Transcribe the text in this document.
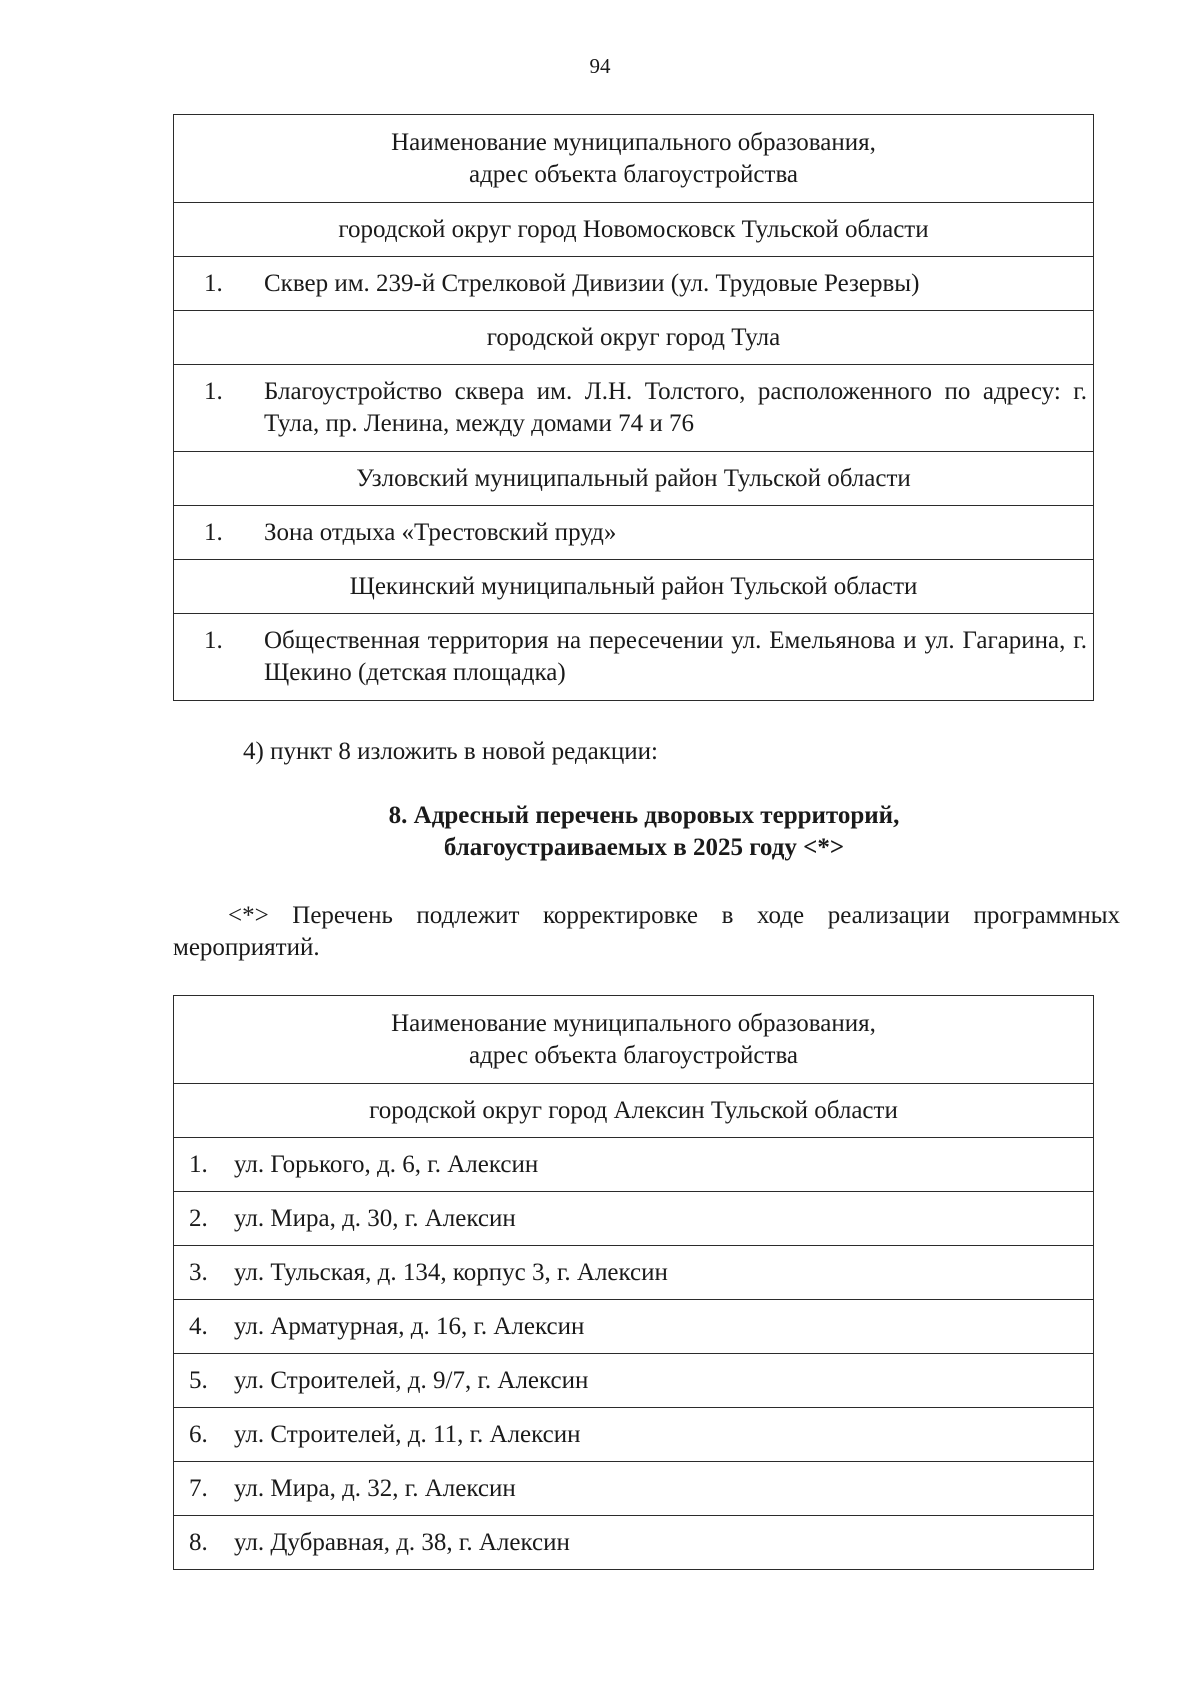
94
Наименование муниципального образования,
адрес объекта благоустройства

городской округ город Новомосковск Тульской области

1.	Сквер им. 239-й Стрелковой Дивизии (ул. Трудовые Резервы)

городской округ город Тула

1.	Благоустройство сквера им. Л.Н. Толстого, расположенного по адресу: г. Тула, пр. Ленина, между домами 74 и 76

Узловский муниципальный район Тульской области

1.	Зона отдыха «Трестовский пруд»

Щекинский муниципальный район Тульской области

1.	Общественная территория на пересечении ул. Емельянова и ул. Гагарина, г. Щекино (детская площадка)
4) пункт 8 изложить в новой редакции:
8. Адресный перечень дворовых территорий,
благоустраиваемых в 2025 году <*>
<*> Перечень подлежит корректировке в ходе реализации программных мероприятий.
Наименование муниципального образования,
адрес объекта благоустройства

городской округ город Алексин Тульской области

1.	ул. Горького, д. 6, г. Алексин

2.	ул. Мира, д. 30, г. Алексин

3.	ул. Тульская, д. 134, корпус 3, г. Алексин

4.	ул. Арматурная, д. 16, г. Алексин

5.	ул. Строителей, д. 9/7, г. Алексин

6.	ул. Строителей, д. 11, г. Алексин

7.	ул. Мира, д. 32, г. Алексин

8.	ул. Дубравная, д. 38, г. Алексин
